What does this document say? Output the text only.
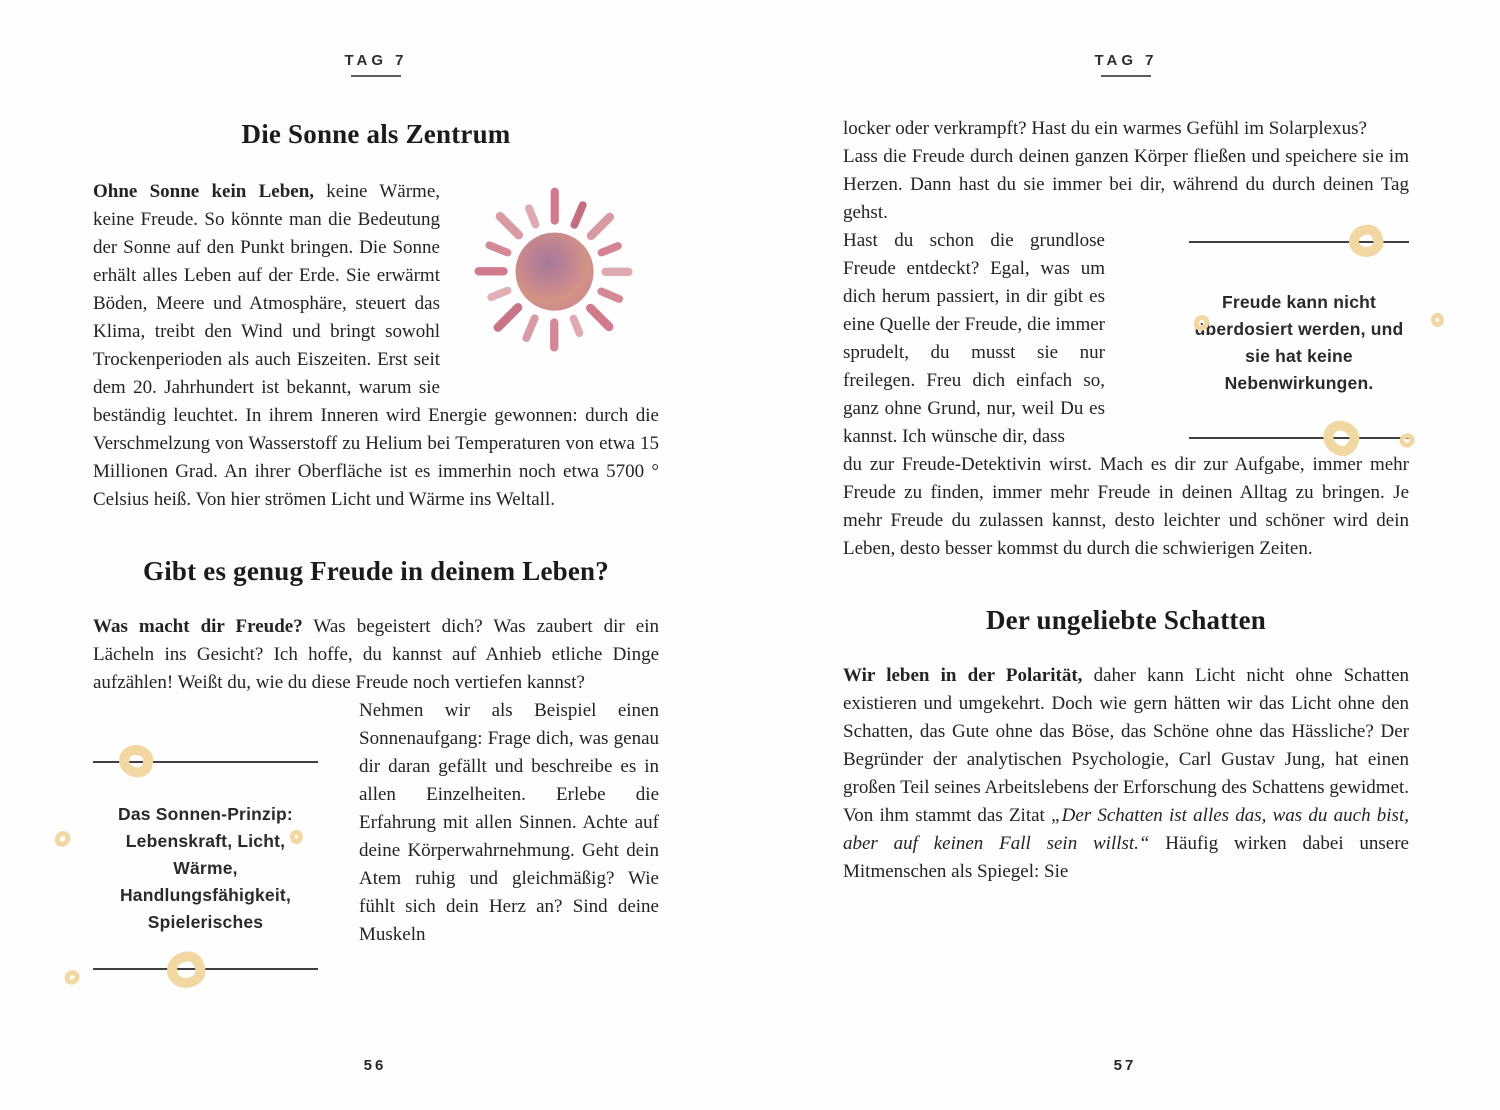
TAG 7
Die Sonne als Zentrum
Ohne Sonne kein Leben, keine Wärme, keine Freude. So könnte man die Bedeutung der Sonne auf den Punkt bringen. Die Sonne erhält alles Leben auf der Erde. Sie erwärmt Böden, Meere und Atmosphäre, steuert das Klima, treibt den Wind und bringt sowohl Trockenperioden als auch Eiszeiten. Erst seit dem 20. Jahrhundert ist bekannt, warum sie beständig leuchtet. In ihrem Inneren wird Energie gewonnen: durch die Verschmelzung von Wasserstoff zu Helium bei Temperaturen von etwa 15 Millionen Grad. An ihrer Oberfläche ist es immerhin noch etwa 5700 ° Celsius heiß. Von hier strömen Licht und Wärme ins Weltall.
Gibt es genug Freude in deinem Leben?
Was macht dir Freude? Was begeistert dich? Was zaubert dir ein Lächeln ins Gesicht? Ich hoffe, du kannst auf Anhieb etliche Dinge aufzählen! Weißt du, wie du diese Freude noch vertiefen kannst?
Das Sonnen-Prinzip: Lebenskraft, Licht, Wärme, Handlungsfähigkeit, Spielerisches
Nehmen wir als Beispiel einen Sonnenaufgang: Frage dich, was genau dir daran gefällt und beschreibe es in allen Einzelheiten. Erlebe die Erfahrung mit allen Sinnen. Achte auf deine Körperwahrnehmung. Geht dein Atem ruhig und gleichmäßig? Wie fühlt sich dein Herz an? Sind deine Muskeln
56
TAG 7
locker oder verkrampft? Hast du ein warmes Gefühl im Solarplexus?
Lass die Freude durch deinen ganzen Körper fließen und speichere sie im Herzen. Dann hast du sie immer bei dir, während du durch deinen Tag gehst.
Hast du schon die grundlose Freude entdeckt? Egal, was um dich herum passiert, in dir gibt es eine Quelle der Freude, die immer sprudelt, du musst sie nur freilegen. Freu dich einfach so, ganz ohne Grund, nur, weil Du es kannst. Ich wünsche dir, dass
Freude kann nicht überdosiert werden, und sie hat keine Nebenwirkungen.
du zur Freude-Detektivin wirst. Mach es dir zur Aufgabe, immer mehr Freude zu finden, immer mehr Freude in deinen Alltag zu bringen. Je mehr Freude du zulassen kannst, desto leichter und schöner wird dein Leben, desto besser kommst du durch die schwierigen Zeiten.
Der ungeliebte Schatten
Wir leben in der Polarität, daher kann Licht nicht ohne Schatten existieren und umgekehrt. Doch wie gern hätten wir das Licht ohne den Schatten, das Gute ohne das Böse, das Schöne ohne das Hässliche? Der Begründer der analytischen Psychologie, Carl Gustav Jung, hat einen großen Teil seines Arbeitslebens der Erforschung des Schattens gewidmet. Von ihm stammt das Zitat „Der Schatten ist alles das, was du auch bist, aber auf keinen Fall sein willst.“ Häufig wirken dabei unsere Mitmenschen als Spiegel: Sie
57
